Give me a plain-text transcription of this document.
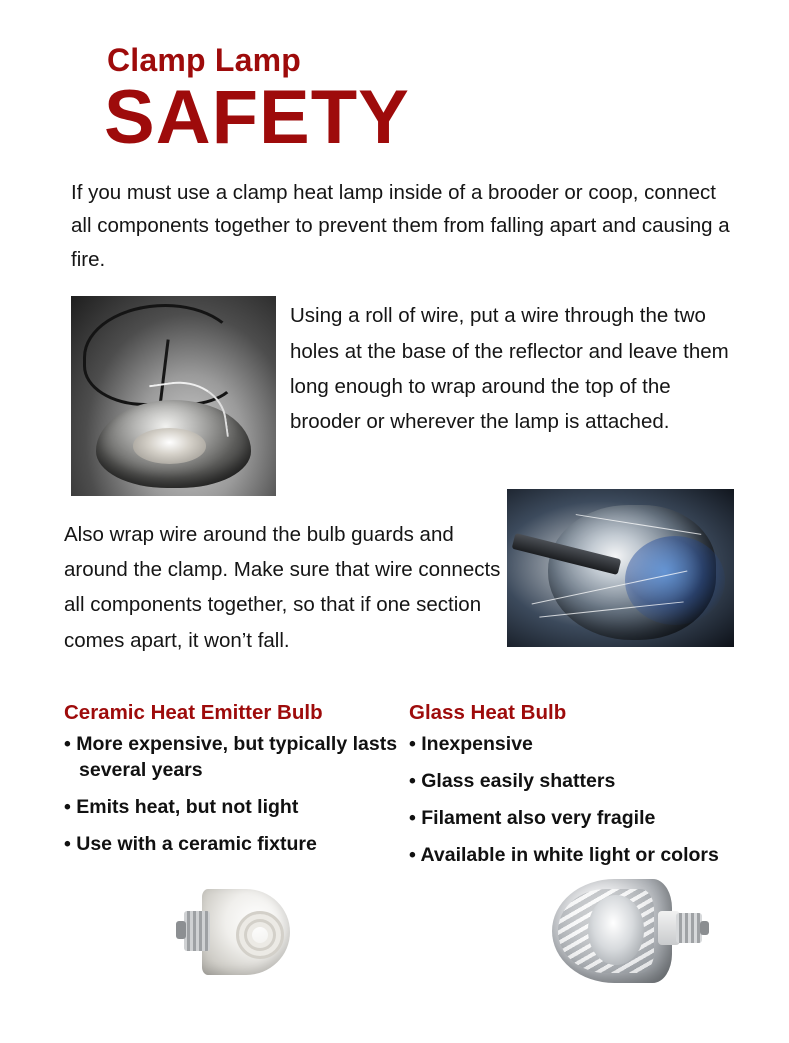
Clamp Lamp
SAFETY

If you must use a clamp heat lamp inside of a brooder or coop, connect all components together to prevent them from falling apart and causing a fire.

Using a roll of wire, put a wire through the two holes at the base of the reflector and leave them long enough to wrap around the top of the brooder or wherever the lamp is attached.

Also wrap wire around the bulb guards and around the clamp. Make sure that wire connects all components together, so that if one section comes apart, it won’t fall.

Ceramic Heat Emitter Bulb
• More expensive, but typically lasts several years
• Emits heat, but not light
• Use with a ceramic fixture
Glass Heat Bulb
• Inexpensive
• Glass easily shatters
• Filament also very fragile
• Available in white light or colors
